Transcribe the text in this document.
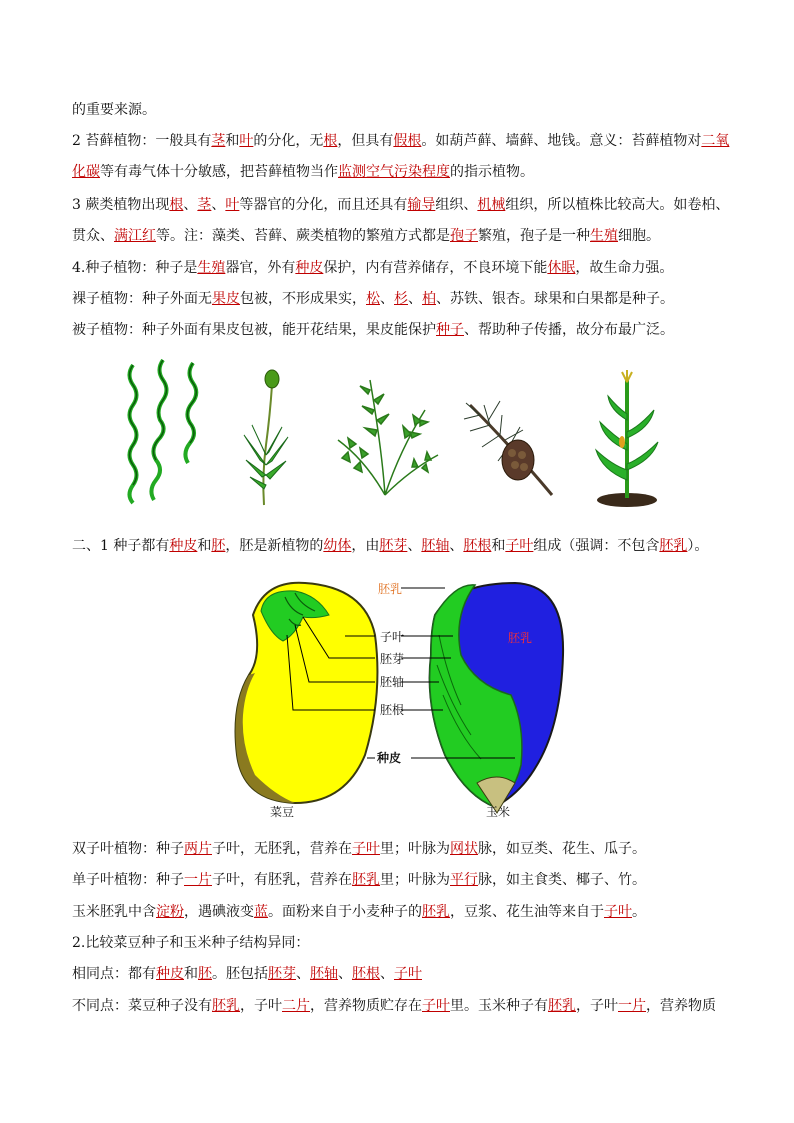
的重要来源。
2 苔藓植物：一般具有茎和叶的分化，无根，但具有假根。如葫芦藓、墙藓、地钱。意义：苔藓植物对二氧
化碳等有毒气体十分敏感，把苔藓植物当作监测空气污染程度的指示植物。
3 蕨类植物出现根、茎、叶等器官的分化，而且还具有输导组织、机械组织，所以植株比较高大。如卷柏、
贯众、满江红等。注：藻类、苔藓、蕨类植物的繁殖方式都是孢子繁殖，孢子是一种生殖细胞。
4.种子植物：种子是生殖器官，外有种皮保护，内有营养储存，不良环境下能休眠，故生命力强。
裸子植物：种子外面无果皮包被，不形成果实，松、杉、柏、苏铁、银杏。球果和白果都是种子。
被子植物：种子外面有果皮包被，能开花结果，果皮能保护种子、帮助种子传播，故分布最广泛。
二、1 种子都有种皮和胚，胚是新植物的幼体，由胚芽、胚轴、胚根和子叶组成（强调：不包含胚乳）。
双子叶植物：种子两片子叶，无胚乳，营养在子叶里；叶脉为网状脉，如豆类、花生、瓜子。
单子叶植物：种子一片子叶，有胚乳，营养在胚乳里；叶脉为平行脉，如主食类、椰子、竹。
玉米胚乳中含淀粉，遇碘液变蓝。面粉来自于小麦种子的胚乳，豆浆、花生油等来自于子叶。
2.比较菜豆种子和玉米种子结构异同：
相同点：都有种皮和胚。胚包括胚芽、胚轴、胚根、子叶
不同点：菜豆种子没有胚乳，子叶二片，营养物质贮存在子叶里。玉米种子有胚乳，子叶一片，营养物质
胚乳
胚乳
子叶
胚芽
胚轴
胚根
种皮
菜豆	玉米
